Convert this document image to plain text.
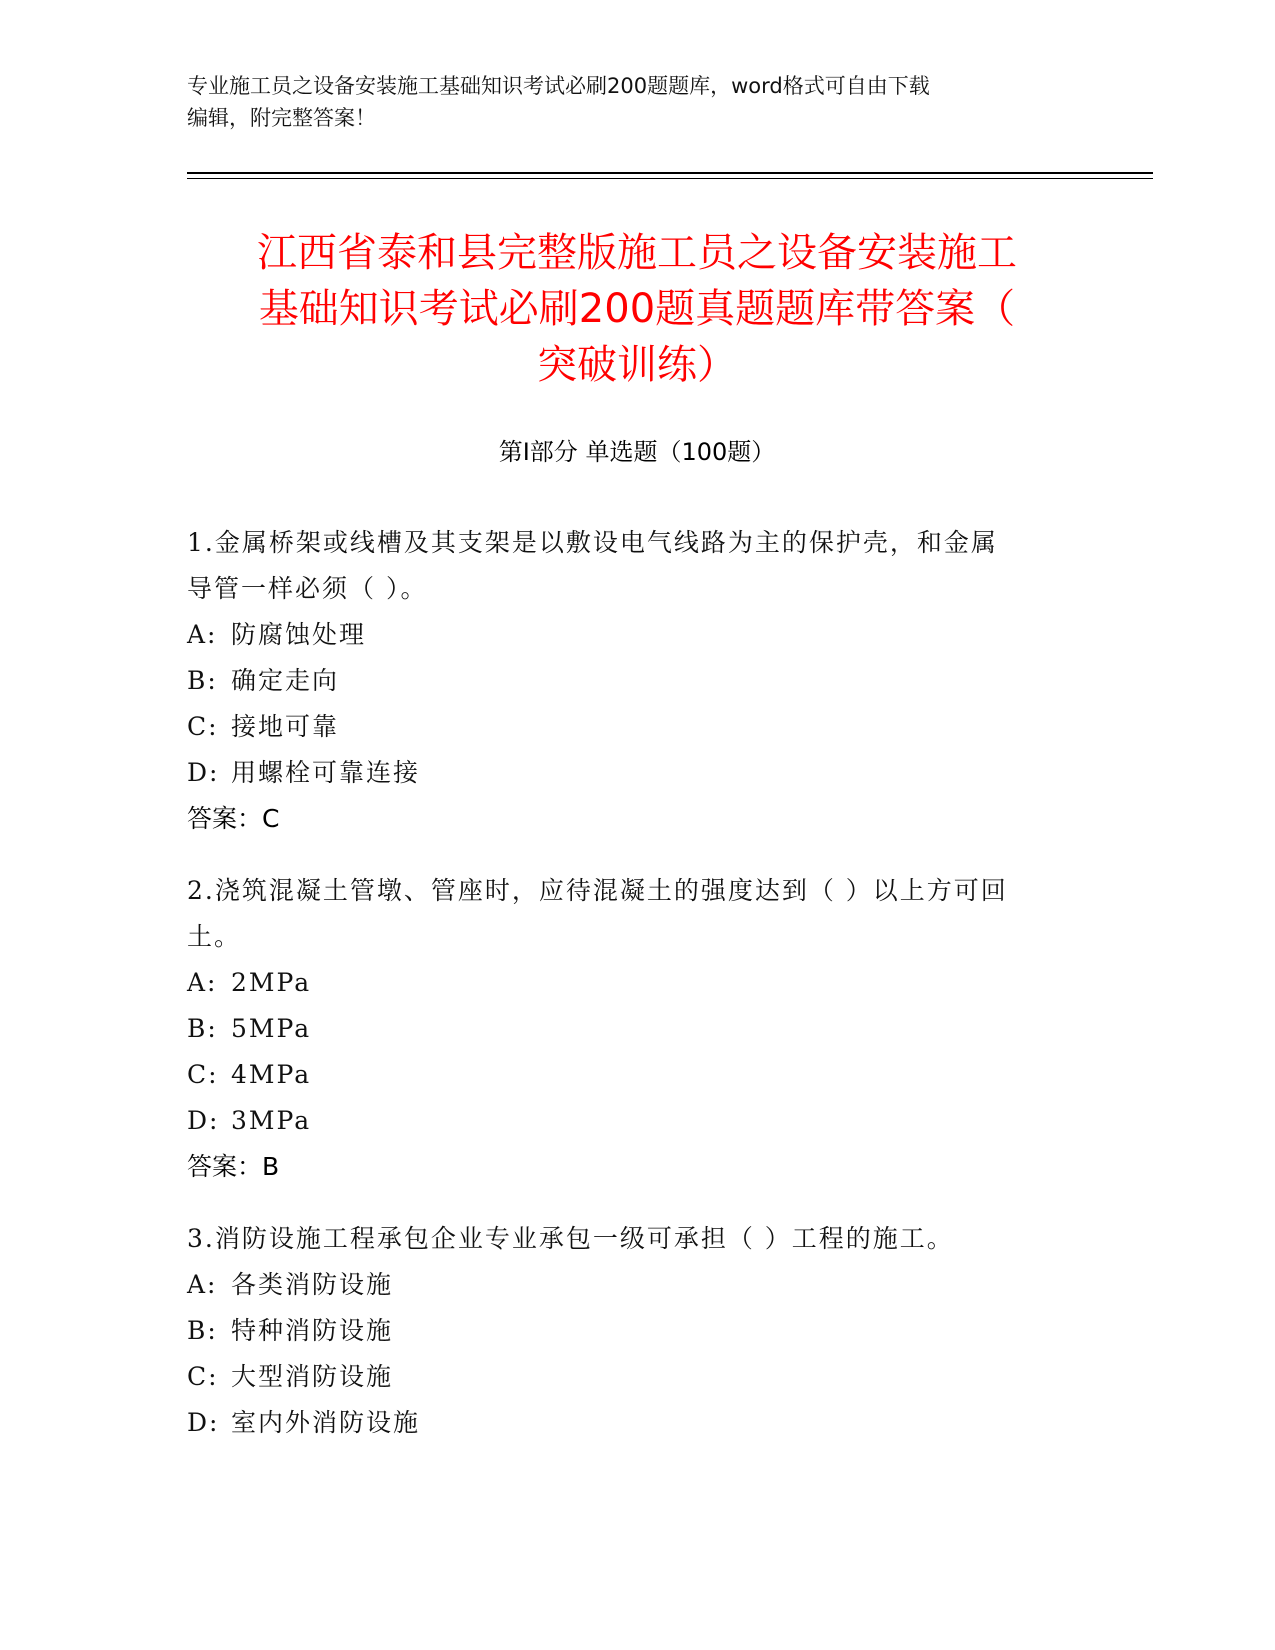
专业施工员之设备安装施工基础知识考试必刷200题题库，word格式可自由下载
编辑，附完整答案！
江西省泰和县完整版施工员之设备安装施工
基础知识考试必刷200题真题题库带答案（
突破训练）
第Ⅰ部分 单选题（100题）
1.金属桥架或线槽及其支架是以敷设电气线路为主的保护壳，和金属
导管一样必须（ ）。
A: 防腐蚀处理
B: 确定走向
C: 接地可靠
D: 用螺栓可靠连接
答案：C
2.浇筑混凝土管墩、管座时，应待混凝土的强度达到（ ）以上方可回
土。
A: 2MPa
B: 5MPa
C: 4MPa
D: 3MPa
答案：B
3.消防设施工程承包企业专业承包一级可承担（ ）工程的施工。
A: 各类消防设施
B: 特种消防设施
C: 大型消防设施
D: 室内外消防设施
